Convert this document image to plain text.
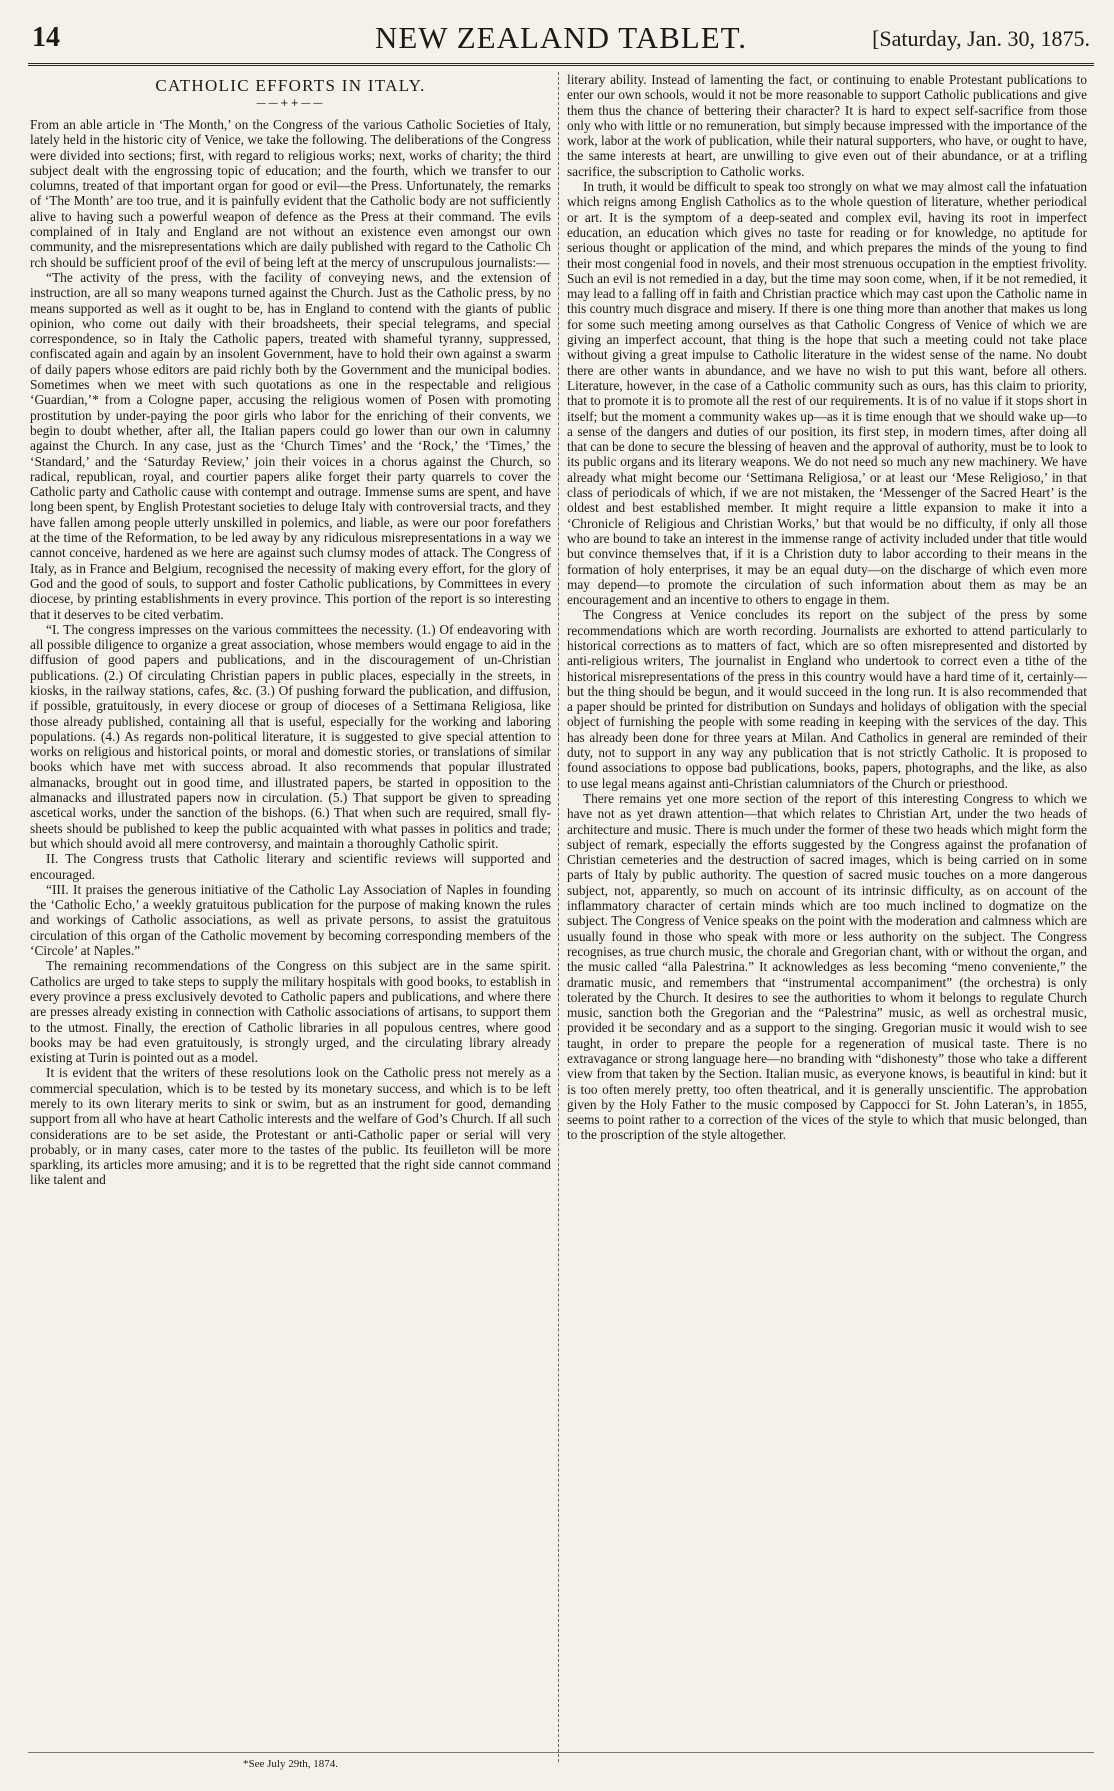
14	NEW ZEALAND TABLET.	[Saturday, Jan. 30, 1875.
CATHOLIC EFFORTS IN ITALY.
——++——

From an able article in ‘The Month,’ on the Congress of the various Catholic Societies of Italy, lately held in the historic city of Venice, we take the following. The deliberations of the Congress were divided into sections; first, with regard to religious works; next, works of charity; the third subject dealt with the engrossing topic of education; and the fourth, which we transfer to our columns, treated of that important organ for good or evil—the Press. Unfortunately, the remarks of ‘The Month’ are too true, and it is painfully evident that the Catholic body are not sufficiently alive to having such a powerful weapon of defence as the Press at their command. The evils complained of in Italy and England are not without an existence even amongst our own community, and the misrepresentations which are daily published with regard to the Catholic Ch rch should be sufficient proof of the evil of being left at the mercy of unscrupulous journalists:—

“The activity of the press, with the facility of conveying news, and the extension of instruction, are all so many weapons turned against the Church. Just as the Catholic press, by no means supported as well as it ought to be, has in England to contend with the giants of public opinion, who come out daily with their broadsheets, their special telegrams, and special correspondence, so in Italy the Catholic papers, treated with shameful tyranny, suppressed, confiscated again and again by an insolent Government, have to hold their own against a swarm of daily papers whose editors are paid richly both by the Government and the municipal bodies. Sometimes when we meet with such quotations as one in the respectable and religious ‘Guardian,’* from a Cologne paper, accusing the religious women of Posen with promoting prostitution by under-paying the poor girls who labor for the enriching of their convents, we begin to doubt whether, after all, the Italian papers could go lower than our own in calumny against the Church. In any case, just as the ‘Church Times’ and the ‘Rock,’ the ‘Times,’ the ‘Standard,’ and the ‘Saturday Review,’ join their voices in a chorus against the Church, so radical, republican, royal, and courtier papers alike forget their party quarrels to cover the Catholic party and Catholic cause with contempt and outrage. Immense sums are spent, and have long been spent, by English Protestant societies to deluge Italy with controversial tracts, and they have fallen among people utterly unskilled in polemics, and liable, as were our poor forefathers at the time of the Reformation, to be led away by any ridiculous misrepresentations in a way we cannot conceive, hardened as we here are against such clumsy modes of attack. The Congress of Italy, as in France and Belgium, recognised the necessity of making every effort, for the glory of God and the good of souls, to support and foster Catholic publications, by Committees in every diocese, by printing establishments in every province. This portion of the report is so interesting that it deserves to be cited verbatim.

“I. The congress impresses on the various committees the necessity. (1.) Of endeavoring with all possible diligence to organize a great association, whose members would engage to aid in the diffusion of good papers and publications, and in the discouragement of un-Christian publications. (2.) Of circulating Christian papers in public places, especially in the streets, in kiosks, in the railway stations, cafes, &c. (3.) Of pushing forward the publication, and diffusion, if possible, gratuitously, in every diocese or group of dioceses of a Settimana Religiosa, like those already published, containing all that is useful, especially for the working and laboring populations. (4.) As regards non-political literature, it is suggested to give special attention to works on religious and historical points, or moral and domestic stories, or translations of similar books which have met with success abroad. It also recommends that popular illustrated almanacks, brought out in good time, and illustrated papers, be started in opposition to the almanacks and illustrated papers now in circulation. (5.) That support be given to spreading ascetical works, under the sanction of the bishops. (6.) That when such are required, small fly-sheets should be published to keep the public acquainted with what passes in politics and trade; but which should avoid all mere controversy, and maintain a thoroughly Catholic spirit.

II. The Congress trusts that Catholic literary and scientific reviews will supported and encouraged.

“III. It praises the generous initiative of the Catholic Lay Association of Naples in founding the ‘Catholic Echo,’ a weekly gratuitous publication for the purpose of making known the rules and workings of Catholic associations, as well as private persons, to assist the gratuitous circulation of this organ of the Catholic movement by becoming corresponding members of the ‘Circole’ at Naples.”

The remaining recommendations of the Congress on this subject are in the same spirit. Catholics are urged to take steps to supply the military hospitals with good books, to establish in every province a press exclusively devoted to Catholic papers and publications, and where there are presses already existing in connection with Catholic associations of artisans, to support them to the utmost. Finally, the erection of Catholic libraries in all populous centres, where good books may be had even gratuitously, is strongly urged, and the circulating library already existing at Turin is pointed out as a model.

It is evident that the writers of these resolutions look on the Catholic press not merely as a commercial speculation, which is to be tested by its monetary success, and which is to be left merely to its own literary merits to sink or swim, but as an instrument for good, demanding support from all who have at heart Catholic interests and the welfare of God’s Church. If all such considerations are to be set aside, the Protestant or anti-Catholic paper or serial will very probably, or in many cases, cater more to the tastes of the public. Its feuilleton will be more sparkling, its articles more amusing; and it is to be regretted that the right side cannot command like talent and

literary ability. Instead of lamenting the fact, or continuing to enable Protestant publications to enter our own schools, would it not be more reasonable to support Catholic publications and give them thus the chance of bettering their character? It is hard to expect self-sacrifice from those only who with little or no remuneration, but simply because impressed with the importance of the work, labor at the work of publication, while their natural supporters, who have, or ought to have, the same interests at heart, are unwilling to give even out of their abundance, or at a trifling sacrifice, the subscription to Catholic works.

In truth, it would be difficult to speak too strongly on what we may almost call the infatuation which reigns among English Catholics as to the whole question of literature, whether periodical or art. It is the symptom of a deep-seated and complex evil, having its root in imperfect education, an education which gives no taste for reading or for knowledge, no aptitude for serious thought or application of the mind, and which prepares the minds of the young to find their most congenial food in novels, and their most strenuous occupation in the emptiest frivolity. Such an evil is not remedied in a day, but the time may soon come, when, if it be not remedied, it may lead to a falling off in faith and Christian practice which may cast upon the Catholic name in this country much disgrace and misery. If there is one thing more than another that makes us long for some such meeting among ourselves as that Catholic Congress of Venice of which we are giving an imperfect account, that thing is the hope that such a meeting could not take place without giving a great impulse to Catholic literature in the widest sense of the name. No doubt there are other wants in abundance, and we have no wish to put this want, before all others. Literature, however, in the case of a Catholic community such as ours, has this claim to priority, that to promote it is to promote all the rest of our requirements. It is of no value if it stops short in itself; but the moment a community wakes up—as it is time enough that we should wake up—to a sense of the dangers and duties of our position, its first step, in modern times, after doing all that can be done to secure the blessing of heaven and the approval of authority, must be to look to its public organs and its literary weapons. We do not need so much any new machinery. We have already what might become our ‘Settimana Religiosa,’ or at least our ‘Mese Religioso,’ in that class of periodicals of which, if we are not mistaken, the ‘Messenger of the Sacred Heart’ is the oldest and best established member. It might require a little expansion to make it into a ‘Chronicle of Religious and Christian Works,’ but that would be no difficulty, if only all those who are bound to take an interest in the immense range of activity included under that title would but convince themselves that, if it is a Christion duty to labor according to their means in the formation of holy enterprises, it may be an equal duty—on the discharge of which even more may depend—to promote the circulation of such information about them as may be an encouragement and an incentive to others to engage in them.

The Congress at Venice concludes its report on the subject of the press by some recommendations which are worth recording. Journalists are exhorted to attend particularly to historical corrections as to matters of fact, which are so often misrepresented and distorted by anti-religious writers, The journalist in England who undertook to correct even a tithe of the historical misrepresentations of the press in this country would have a hard time of it, certainly—but the thing should be begun, and it would succeed in the long run. It is also recommended that a paper should be printed for distribution on Sundays and holidays of obligation with the special object of furnishing the people with some reading in keeping with the services of the day. This has already been done for three years at Milan. And Catholics in general are reminded of their duty, not to support in any way any publication that is not strictly Catholic. It is proposed to found associations to oppose bad publications, books, papers, photographs, and the like, as also to use legal means against anti-Christian calumniators of the Church or priesthood.

There remains yet one more section of the report of this interesting Congress to which we have not as yet drawn attention—that which relates to Christian Art, under the two heads of architecture and music. There is much under the former of these two heads which might form the subject of remark, especially the efforts suggested by the Congress against the profanation of Christian cemeteries and the destruction of sacred images, which is being carried on in some parts of Italy by public authority. The question of sacred music touches on a more dangerous subject, not, apparently, so much on account of its intrinsic difficulty, as on account of the inflammatory character of certain minds which are too much inclined to dogmatize on the subject. The Congress of Venice speaks on the point with the moderation and calmness which are usually found in those who speak with more or less authority on the subject. The Congress recognises, as true church music, the chorale and Gregorian chant, with or without the organ, and the music called “alla Palestrina.” It acknowledges as less becoming “meno conveniente,” the dramatic music, and remembers that “instrumental accompaniment” (the orchestra) is only tolerated by the Church. It desires to see the authorities to whom it belongs to regulate Church music, sanction both the Gregorian and the “Palestrina” music, as well as orchestral music, provided it be secondary and as a support to the singing. Gregorian music it would wish to see taught, in order to prepare the people for a regeneration of musical taste. There is no extravagance or strong language here—no branding with “dishonesty” those who take a different view from that taken by the Section. Italian music, as everyone knows, is beautiful in kind: but it is too often merely pretty, too often theatrical, and it is generally unscientific. The approbation given by the Holy Father to the music composed by Cappocci for St. John Lateran’s, in 1855, seems to point rather to a correction of the vices of the style to which that music belonged, than to the proscription of the style altogether.

*See July 29th, 1874.
